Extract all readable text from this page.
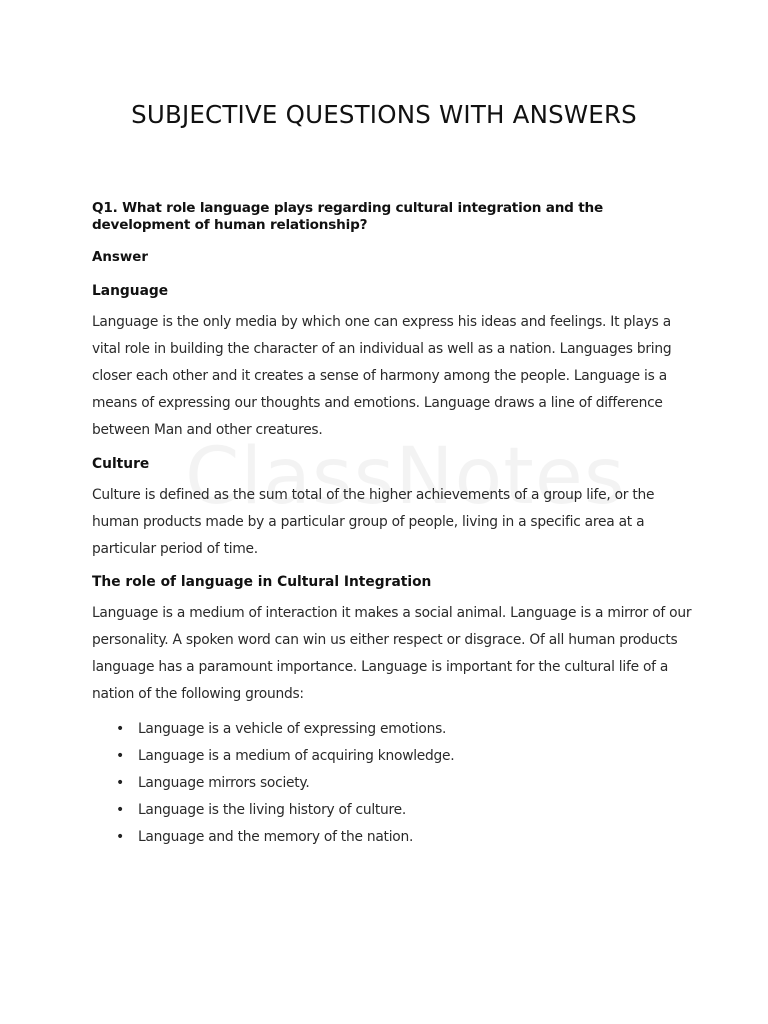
SUBJECTIVE QUESTIONS WITH ANSWERS

Q1. What role language plays regarding cultural integration and the development of human relationship?

Answer

Language

Language is the only media by which one can express his ideas and feelings. It plays a vital role in building the character of an individual as well as a nation. Languages bring closer each other and it creates a sense of harmony among the people. Language is a means of expressing our thoughts and emotions. Language draws a line of difference between Man and other creatures.

Culture

Culture is defined as the sum total of the higher achievements of a group life, or the human products made by a particular group of people, living in a specific area at a particular period of time.

The role of language in Cultural Integration

Language is a medium of interaction it makes a social animal. Language is a mirror of our personality. A spoken word can win us either respect or disgrace. Of all human products language has a paramount importance. Language is important for the cultural life of a nation of the following grounds:

• Language is a vehicle of expressing emotions.
• Language is a medium of acquiring knowledge.
• Language mirrors society.
• Language is the living history of culture.
• Language and the memory of the nation.
